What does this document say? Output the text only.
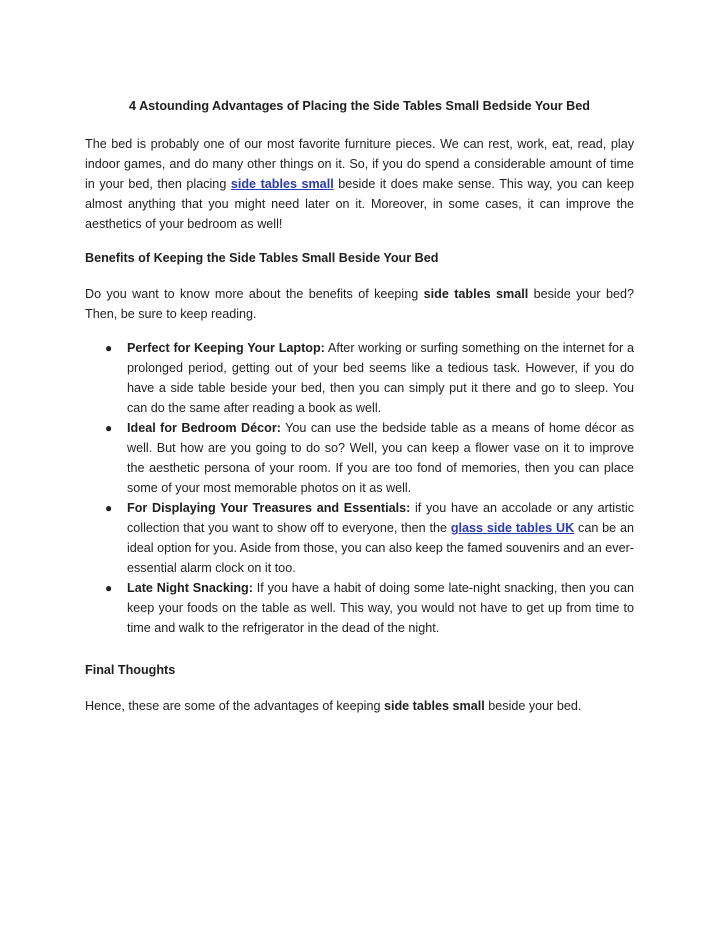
4 Astounding Advantages of Placing the Side Tables Small Bedside Your Bed

The bed is probably one of our most favorite furniture pieces. We can rest, work, eat, read, play indoor games, and do many other things on it. So, if you do spend a considerable amount of time in your bed, then placing side tables small beside it does make sense. This way, you can keep almost anything that you might need later on it. Moreover, in some cases, it can improve the aesthetics of your bedroom as well!

Benefits of Keeping the Side Tables Small Beside Your Bed

Do you want to know more about the benefits of keeping side tables small beside your bed? Then, be sure to keep reading.

● Perfect for Keeping Your Laptop: After working or surfing something on the internet for a prolonged period, getting out of your bed seems like a tedious task. However, if you do have a side table beside your bed, then you can simply put it there and go to sleep. You can do the same after reading a book as well.
● Ideal for Bedroom Décor: You can use the bedside table as a means of home décor as well. But how are you going to do so? Well, you can keep a flower vase on it to improve the aesthetic persona of your room. If you are too fond of memories, then you can place some of your most memorable photos on it as well.
● For Displaying Your Treasures and Essentials: if you have an accolade or any artistic collection that you want to show off to everyone, then the glass side tables UK can be an ideal option for you. Aside from those, you can also keep the famed souvenirs and an ever-essential alarm clock on it too.
● Late Night Snacking: If you have a habit of doing some late-night snacking, then you can keep your foods on the table as well. This way, you would not have to get up from time to time and walk to the refrigerator in the dead of the night.
Final Thoughts

Hence, these are some of the advantages of keeping side tables small beside your bed.
